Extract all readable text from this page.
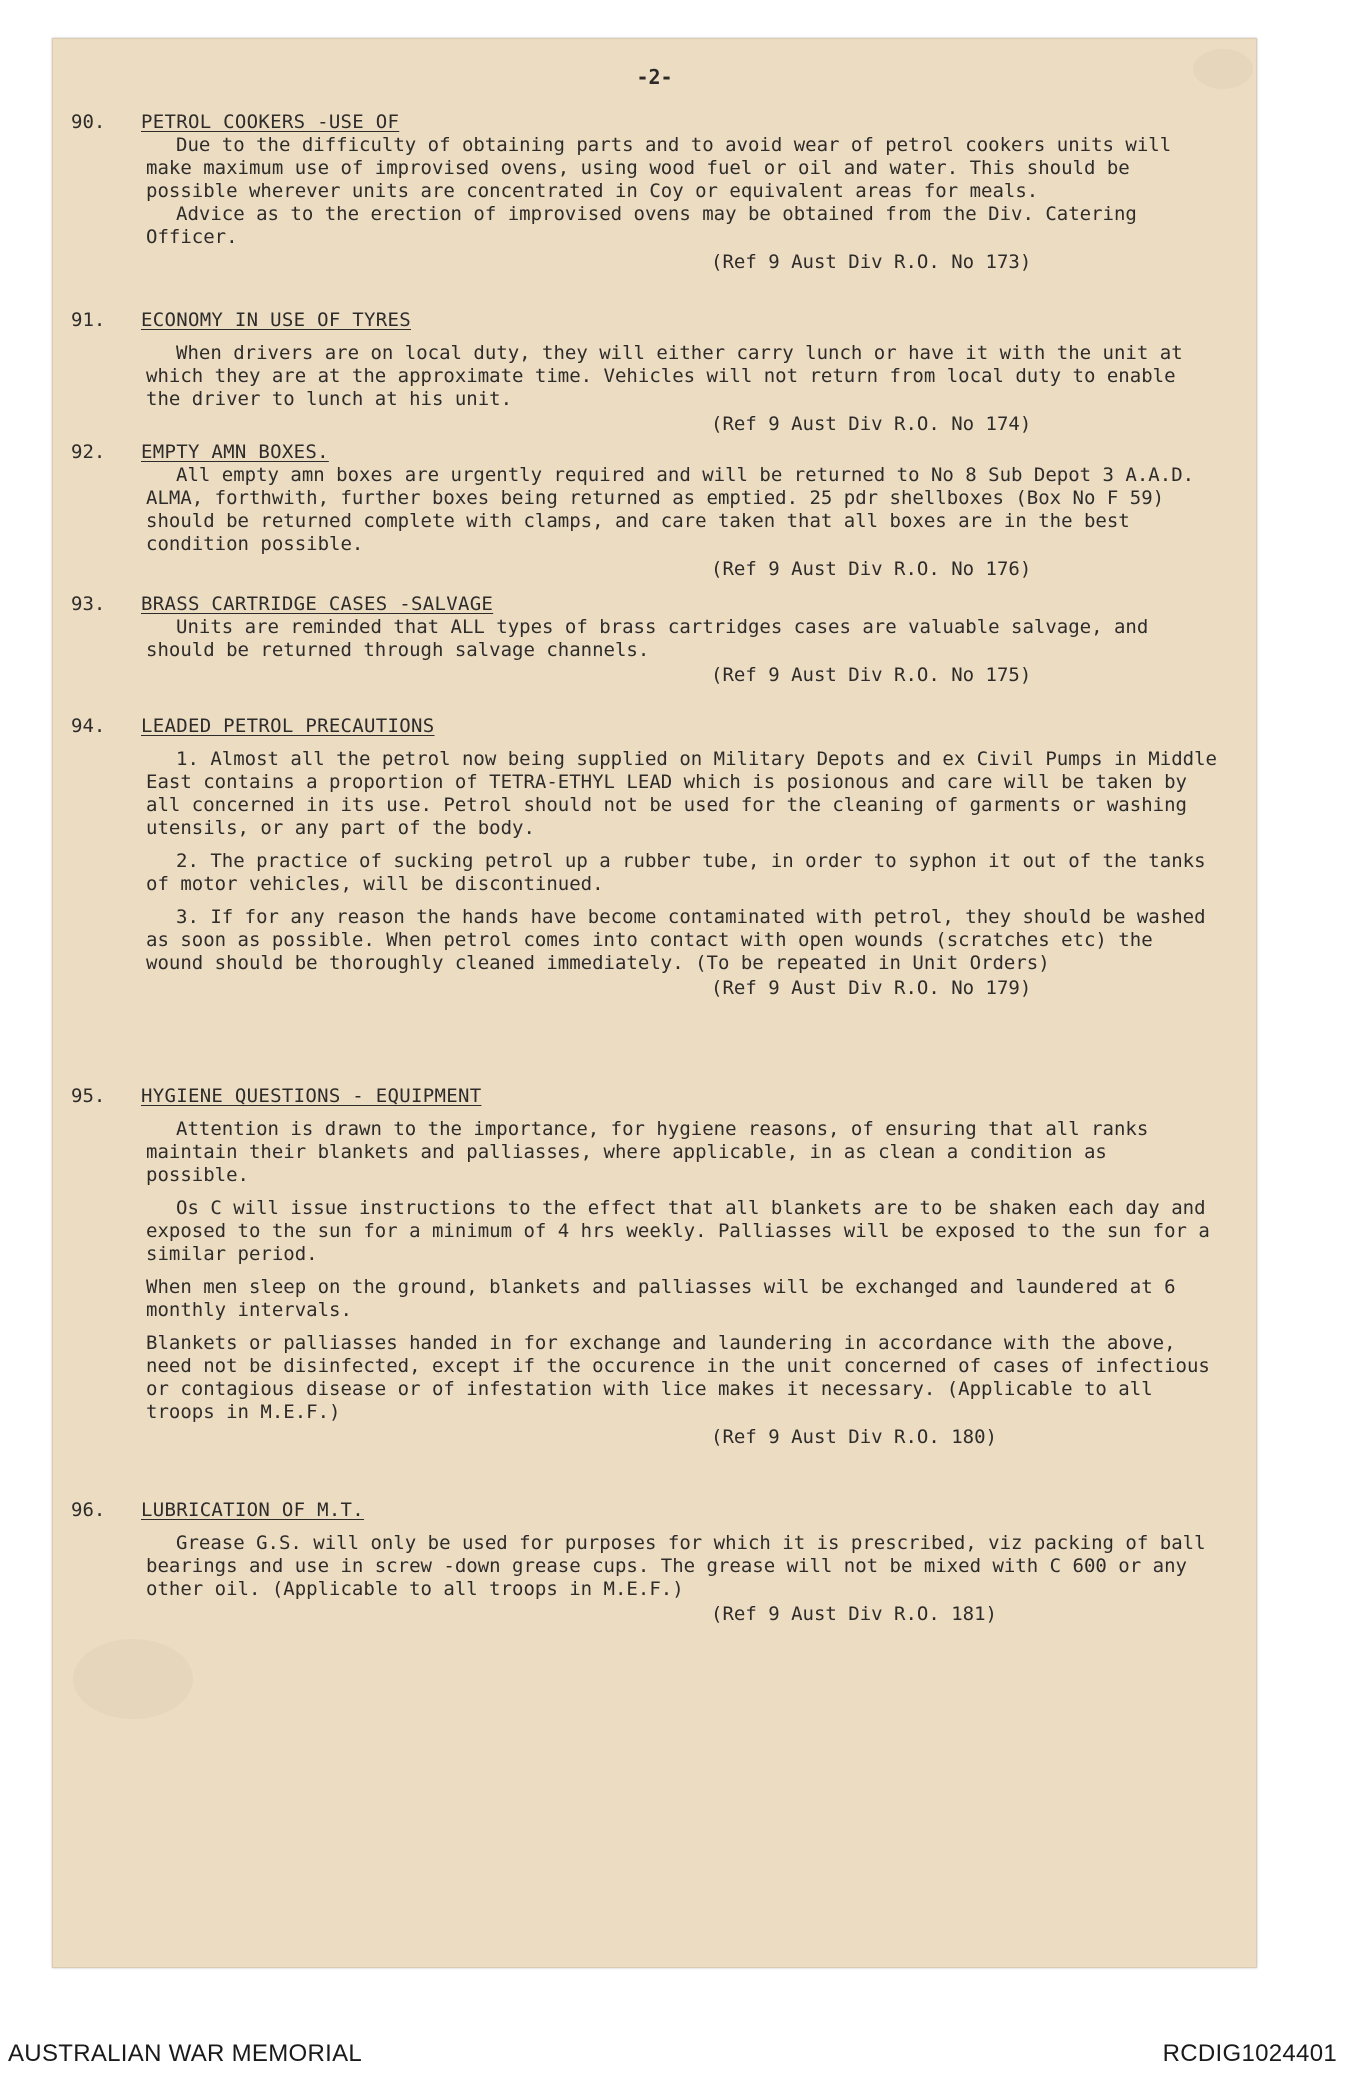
-2-
90.	PETROL COOKERS -USE OF

Due to the difficulty of obtaining parts and to avoid wear of petrol cookers units will make maximum use of improvised ovens, using wood fuel or oil and water. This should be possible wherever units are concentrated in Coy or equivalent areas for meals.

Advice as to the erection of improvised ovens may be obtained from the Div. Catering Officer.

(Ref 9 Aust Div R.O. No 173)

91.	ECONOMY IN USE OF TYRES

When drivers are on local duty, they will either carry lunch or have it with the unit at which they are at the approximate time. Vehicles will not return from local duty to enable the driver to lunch at his unit.

(Ref 9 Aust Div R.O. No 174)

92.	EMPTY AMN BOXES.

All empty amn boxes are urgently required and will be returned to No 8 Sub Depot 3 A.A.D. ALMA, forthwith, further boxes being returned as emptied. 25 pdr shellboxes (Box No F 59) should be returned complete with clamps, and care taken that all boxes are in the best condition possible.

(Ref 9 Aust Div R.O. No 176)

93.	BRASS CARTRIDGE CASES -SALVAGE

Units are reminded that ALL types of brass cartridges cases are valuable salvage, and should be returned through salvage channels.

(Ref 9 Aust Div R.O. No 175)

94.	LEADED PETROL PRECAUTIONS

1. Almost all the petrol now being supplied on Military Depots and ex Civil Pumps in Middle East contains a proportion of TETRA-ETHYL LEAD which is posionous and care will be taken by all concerned in its use. Petrol should not be used for the cleaning of garments or washing utensils, or any part of the body.

2. The practice of sucking petrol up a rubber tube, in order to syphon it out of the tanks of motor vehicles, will be discontinued.

3. If for any reason the hands have become contaminated with petrol, they should be washed as soon as possible. When petrol comes into contact with open wounds (scratches etc) the wound should be thoroughly cleaned immediately. (To be repeated in Unit Orders)

(Ref 9 Aust Div R.O. No 179)

95.	HYGIENE QUESTIONS - EQUIPMENT

Attention is drawn to the importance, for hygiene reasons, of ensuring that all ranks maintain their blankets and palliasses, where applicable, in as clean a condition as possible.

Os C will issue instructions to the effect that all blankets are to be shaken each day and exposed to the sun for a minimum of 4 hrs weekly. Palliasses will be exposed to the sun for a similar period.

When men sleep on the ground, blankets and palliasses will be exchanged and laundered at 6 monthly intervals.

Blankets or palliasses handed in for exchange and laundering in accordance with the above, need not be disinfected, except if the occurence in the unit concerned of cases of infectious or contagious disease or of infestation with lice makes it necessary. (Applicable to all troops in M.E.F.)

(Ref 9 Aust Div R.O. 180)

96.	LUBRICATION OF M.T.

Grease G.S. will only be used for purposes for which it is prescribed, viz packing of ball bearings and use in screw -down grease cups. The grease will not be mixed with C 600 or any other oil. (Applicable to all troops in M.E.F.)

(Ref 9 Aust Div R.O. 181)

AUSTRALIAN WAR MEMORIAL	RCDIG1024401
